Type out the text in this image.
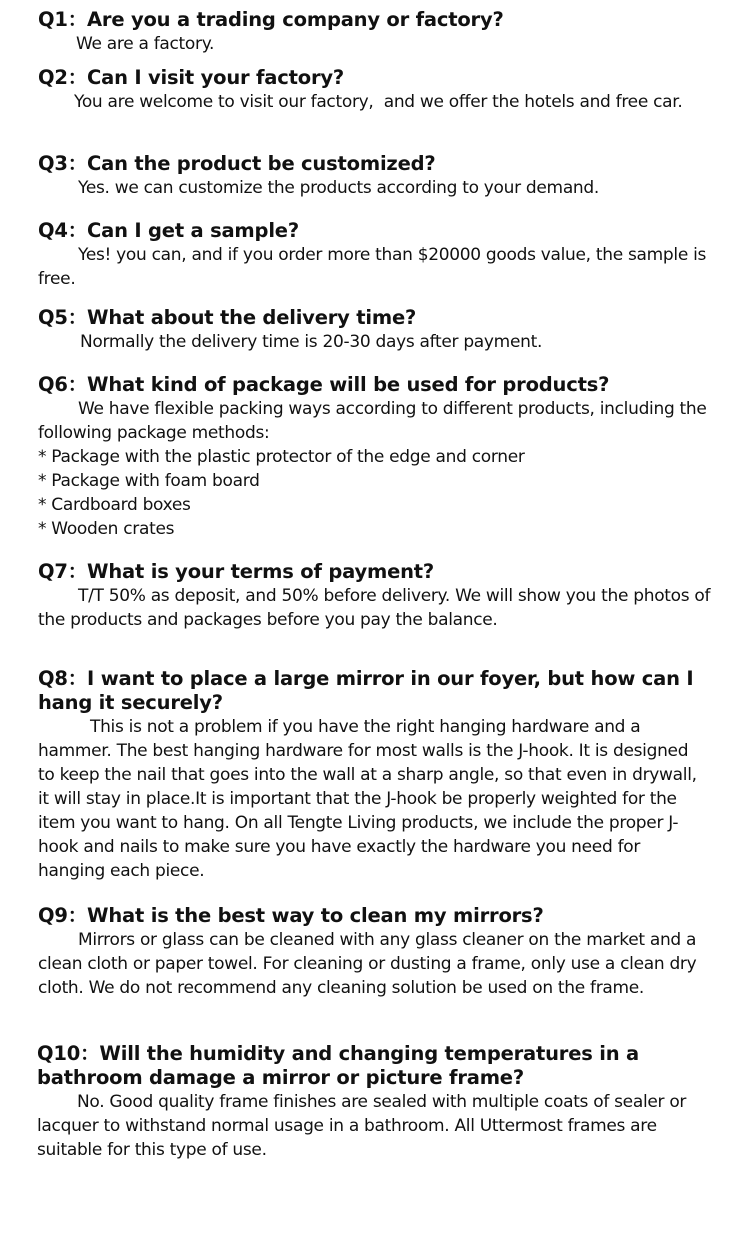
Q1：Are you a trading company or factory?

We are a factory.

Q2：Can I visit your factory?

You are welcome to visit our factory,  and we offer the hotels and free car.

Q3：Can the product be customized?

Yes. we can customize the products according to your demand.

Q4：Can I get a sample?

Yes! you can, and if you order more than $20000 goods value, the sample is free.

Q5：What about the delivery time?

Normally the delivery time is 20-30 days after payment.

Q6：What kind of package will be used for products?

We have flexible packing ways according to different products, including the following package methods:

* Package with the plastic protector of the edge and corner
* Package with foam board
* Cardboard boxes
* Wooden crates
Q7：What is your terms of payment?

T/T 50% as deposit, and 50% before delivery. We will show you the photos of the products and packages before you pay the balance.

Q8：I want to place a large mirror in our foyer, but how can I hang it securely?

This is not a problem if you have the right hanging hardware and a hammer. The best hanging hardware for most walls is the J-hook. It is designed to keep the nail that goes into the wall at a sharp angle, so that even in drywall, it will stay in place.It is important that the J-hook be properly weighted for the item you want to hang. On all Tengte Living products, we include the proper J-hook and nails to make sure you have exactly the hardware you need for hanging each piece.

Q9：What is the best way to clean my mirrors?

Mirrors or glass can be cleaned with any glass cleaner on the market and a clean cloth or paper towel. For cleaning or dusting a frame, only use a clean dry cloth. We do not recommend any cleaning solution be used on the frame.

Q10：Will the humidity and changing temperatures in a bathroom damage a mirror or picture frame?

No. Good quality frame finishes are sealed with multiple coats of sealer or lacquer to withstand normal usage in a bathroom. All Uttermost frames are suitable for this type of use.
